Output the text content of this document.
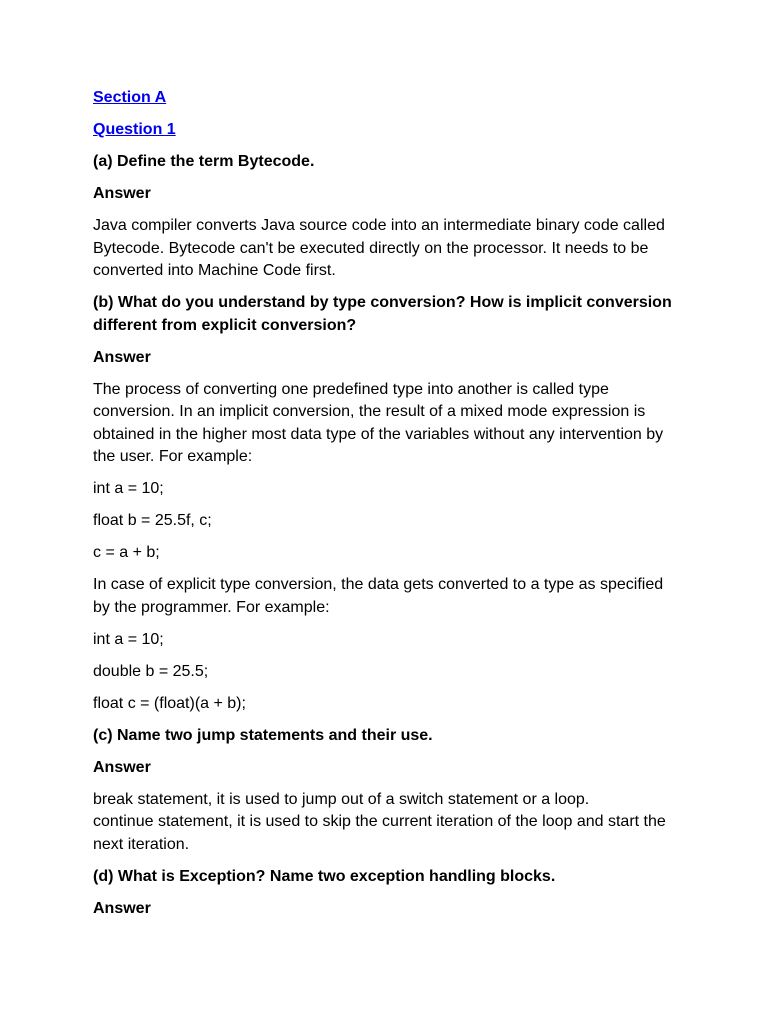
Section A
Question 1
(a) Define the term Bytecode.
Answer
Java compiler converts Java source code into an intermediate binary code called Bytecode. Bytecode can't be executed directly on the processor. It needs to be converted into Machine Code first.
(b) What do you understand by type conversion? How is implicit conversion different from explicit conversion?
Answer
The process of converting one predefined type into another is called type conversion. In an implicit conversion, the result of a mixed mode expression is obtained in the higher most data type of the variables without any intervention by the user. For example:
int a = 10;
float b = 25.5f, c;
c = a + b;
In case of explicit type conversion, the data gets converted to a type as specified by the programmer. For example:
int a = 10;
double b = 25.5;
float c = (float)(a + b);
(c) Name two jump statements and their use.
Answer
break statement, it is used to jump out of a switch statement or a loop.
continue statement, it is used to skip the current iteration of the loop and start the next iteration.
(d) What is Exception? Name two exception handling blocks.
Answer
